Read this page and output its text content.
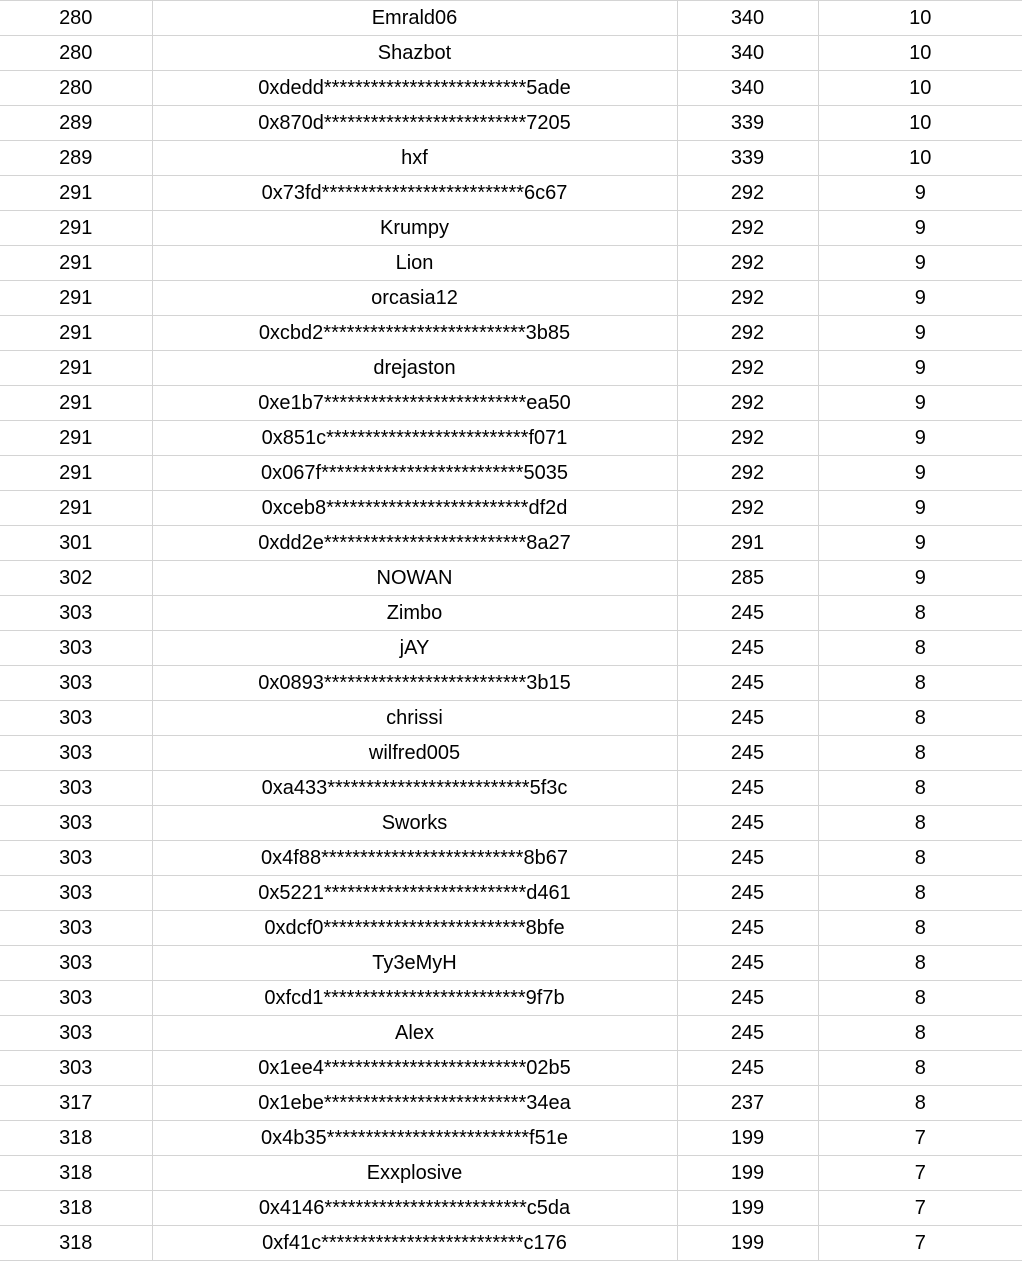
280	Emrald06	340	10
280	Shazbot	340	10
280	0xdedd**************************5ade	340	10
289	0x870d**************************7205	339	10
289	hxf	339	10
291	0x73fd**************************6c67	292	9
291	Krumpy	292	9
291	Lion	292	9
291	orcasia12	292	9
291	0xcbd2**************************3b85	292	9
291	drejaston	292	9
291	0xe1b7**************************ea50	292	9
291	0x851c**************************f071	292	9
291	0x067f**************************5035	292	9
291	0xceb8**************************df2d	292	9
301	0xdd2e**************************8a27	291	9
302	NOWAN	285	9
303	Zimbo	245	8
303	jAY	245	8
303	0x0893**************************3b15	245	8
303	chrissi	245	8
303	wilfred005	245	8
303	0xa433**************************5f3c	245	8
303	Sworks	245	8
303	0x4f88**************************8b67	245	8
303	0x5221**************************d461	245	8
303	0xdcf0**************************8bfe	245	8
303	Ty3eMyH	245	8
303	0xfcd1**************************9f7b	245	8
303	Alex	245	8
303	0x1ee4**************************02b5	245	8
317	0x1ebe**************************34ea	237	8
318	0x4b35**************************f51e	199	7
318	Exxplosive	199	7
318	0x4146**************************c5da	199	7
318	0xf41c**************************c176	199	7
